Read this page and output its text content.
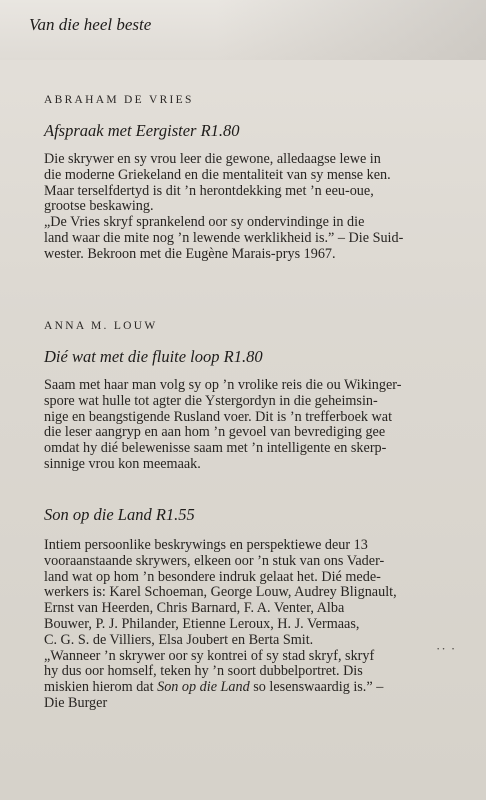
Van die heel beste
ABRAHAM DE VRIES
Afspraak met Eergister R1.80
Die skrywer en sy vrou leer die gewone, alledaagse lewe in
die moderne Griekeland en die mentaliteit van sy mense ken.
Maar terselfdertyd is dit ’n herontdekking met ’n eeu-oue,
grootse beskawing.
„De Vries skryf sprankelend oor sy ondervindinge in die
land waar die mite nog ’n lewende werklikheid is.” – Die Suid-
wester. Bekroon met die Eugène Marais-prys 1967.
ANNA M. LOUW
Dié wat met die fluite loop R1.80
Saam met haar man volg sy op ’n vrolike reis die ou Wikinger-
spore wat hulle tot agter die Ystergordyn in die geheimsin-
nige en beangstigende Rusland voer. Dit is ’n trefferboek wat
die leser aangryp en aan hom ’n gevoel van bevrediging gee
omdat hy dié belewenisse saam met ’n intelligente en skerp-
sinnige vrou kon meemaak.
Son op die Land R1.55
Intiem persoonlike beskrywings en perspektiewe deur 13
vooraanstaande skrywers, elkeen oor ’n stuk van ons Vader-
land wat op hom ’n besondere indruk gelaat het. Dié mede-
werkers is: Karel Schoeman, George Louw, Audrey Blignault,
Ernst van Heerden, Chris Barnard, F. A. Venter, Alba
Bouwer, P. J. Philander, Etienne Leroux, H. J. Vermaas,
C. G. S. de Villiers, Elsa Joubert en Berta Smit.
„Wanneer ’n skrywer oor sy kontrei of sy stad skryf, skryf
hy dus oor homself, teken hy ’n soort dubbelportret. Dis
miskien hierom dat Son op die Land so lesenswaardig is.” –
Die Burger
·· ·
